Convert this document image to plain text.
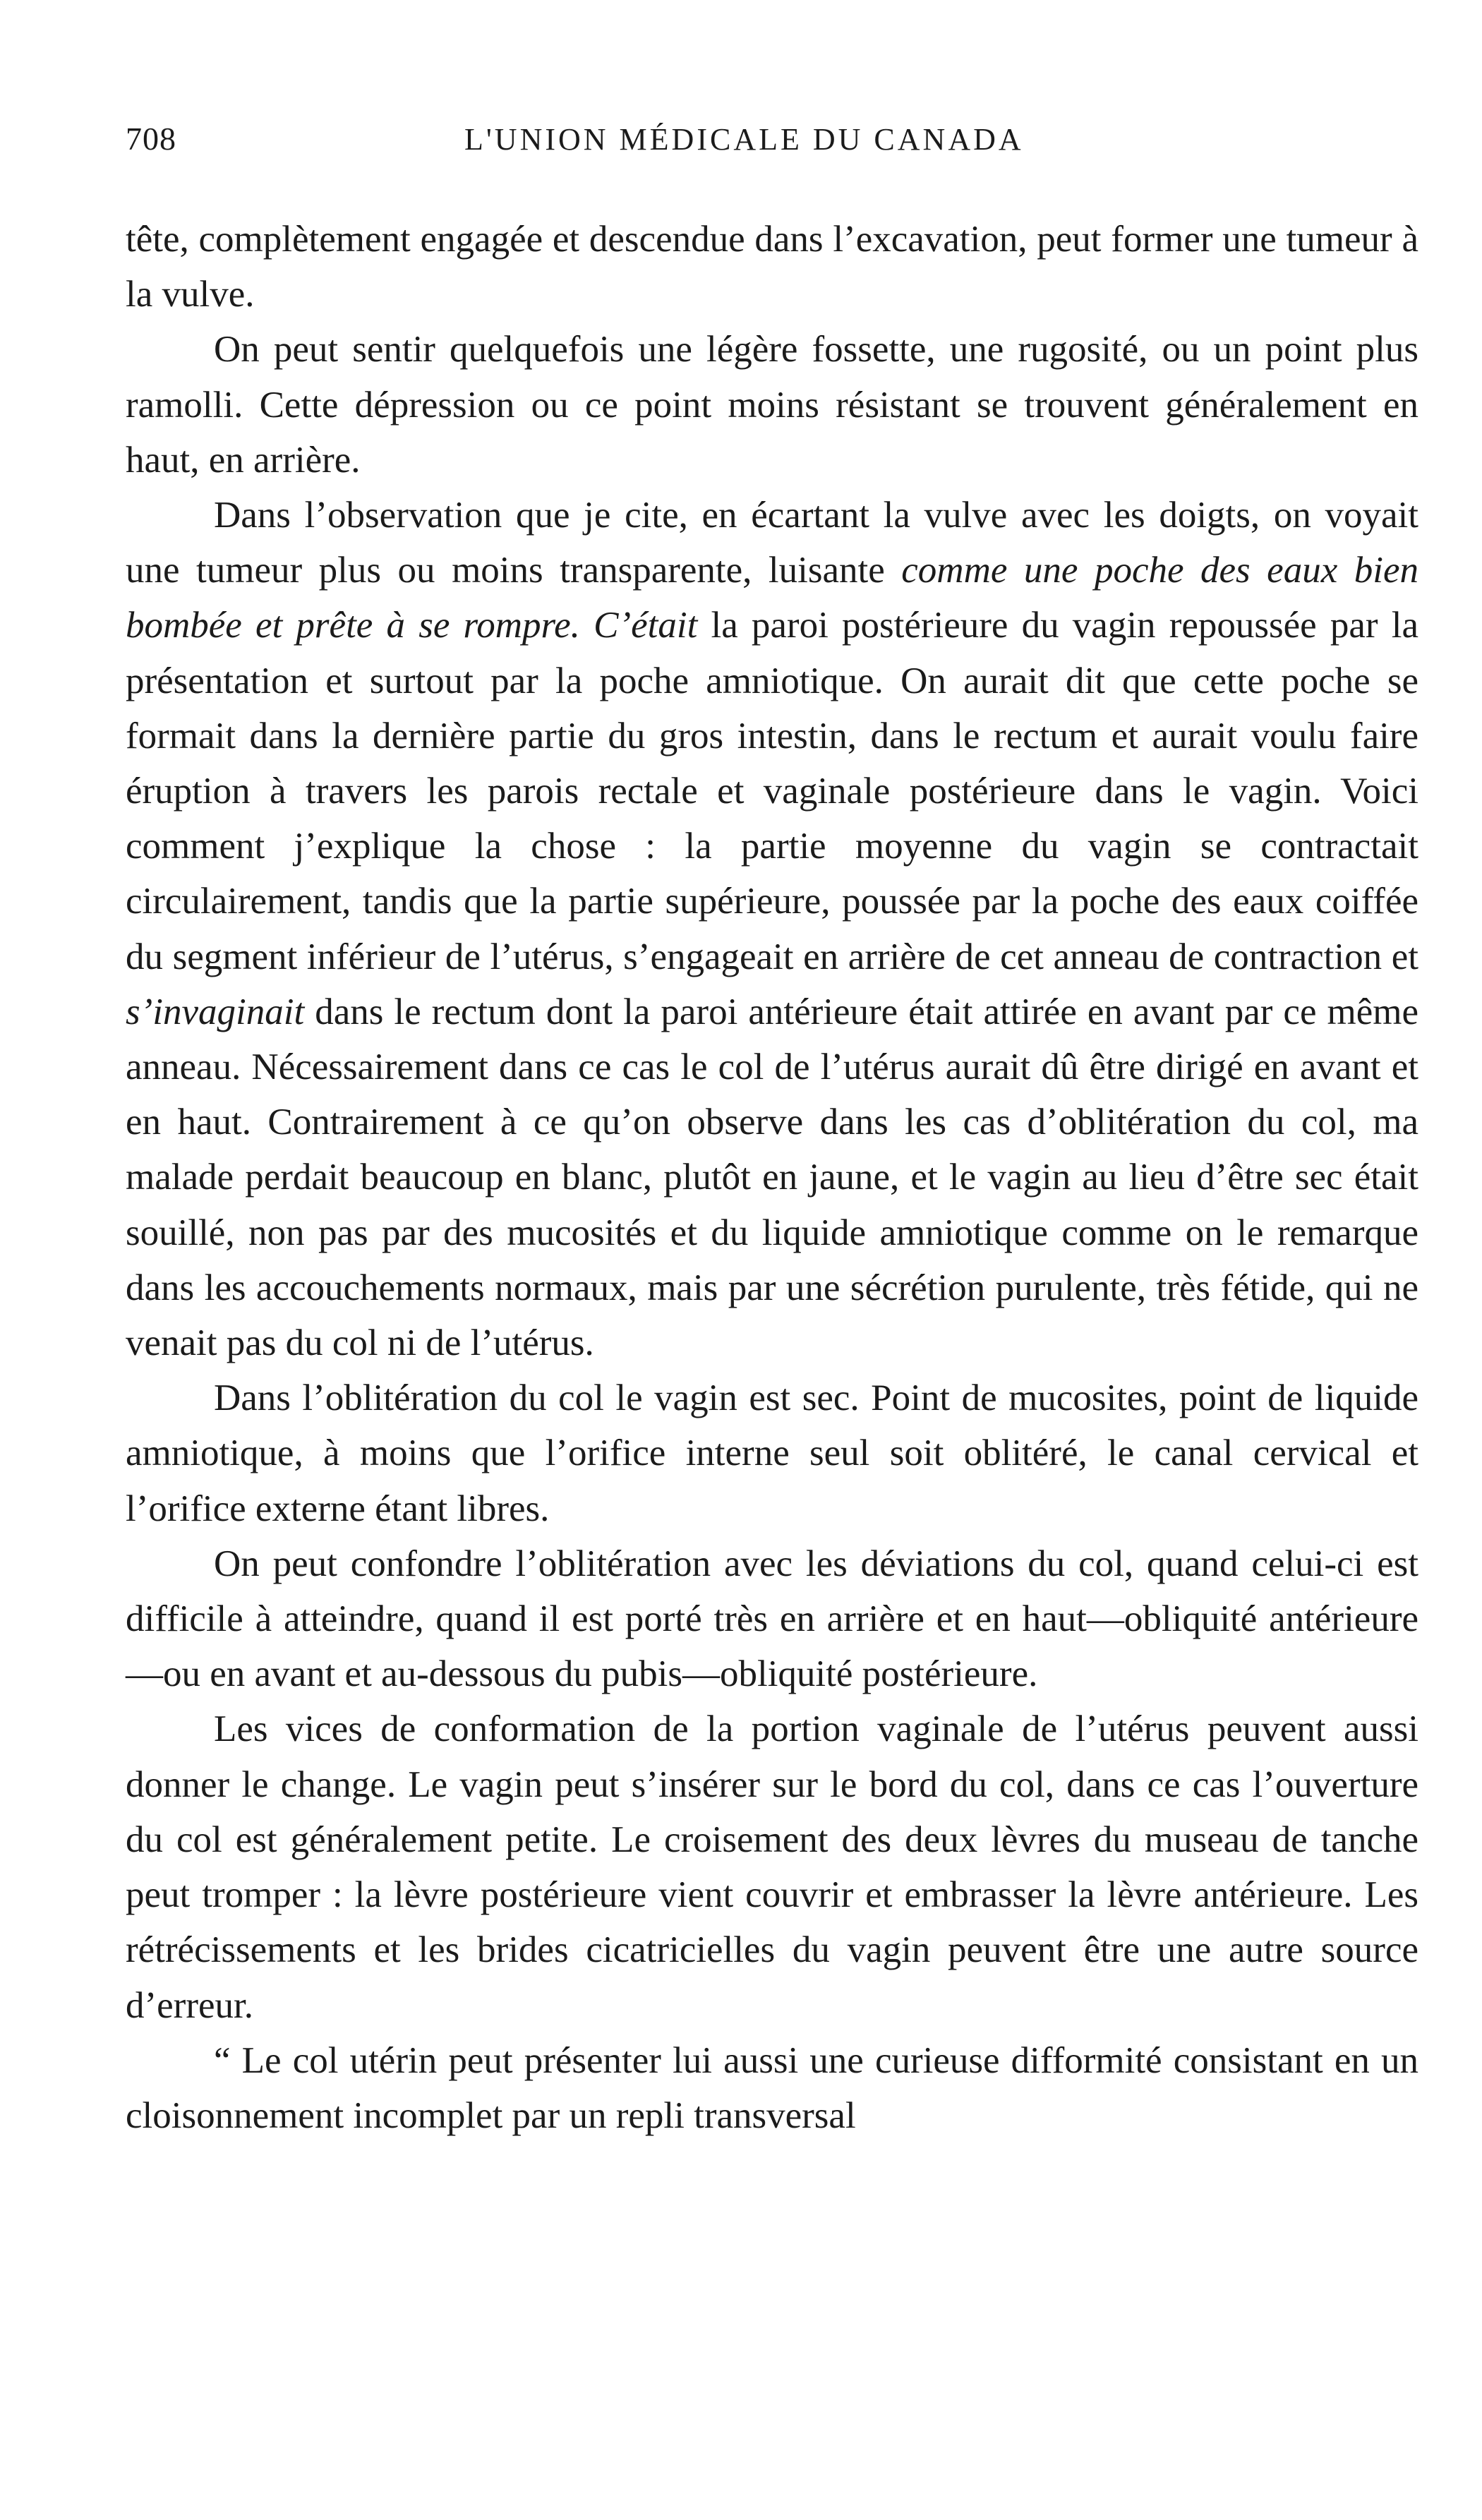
708	L'UNION MÉDICALE DU CANADA

tête, complètement engagée et descendue dans l’excavation, peut former une tumeur à la vulve.

On peut sentir quelquefois une légère fossette, une rugosité, ou un point plus ramolli. Cette dépression ou ce point moins résistant se trouvent généralement en haut, en arrière.

Dans l’observation que je cite, en écartant la vulve avec les doigts, on voyait une tumeur plus ou moins transparente, luisante comme une poche des eaux bien bombée et prête à se rompre. C’était la paroi postérieure du vagin repoussée par la présentation et surtout par la poche amniotique. On aurait dit que cette poche se formait dans la dernière partie du gros intestin, dans le rectum et aurait voulu faire éruption à travers les parois rectale et vaginale postérieure dans le vagin. Voici comment j’explique la chose : la partie moyenne du vagin se contractait circulairement, tandis que la partie supérieure, poussée par la poche des eaux coiffée du segment inférieur de l’utérus, s’engageait en arrière de cet anneau de contraction et s’invaginait dans le rectum dont la paroi antérieure était attirée en avant par ce même anneau. Nécessairement dans ce cas le col de l’utérus aurait dû être dirigé en avant et en haut. Contrairement à ce qu’on observe dans les cas d’oblitération du col, ma malade perdait beaucoup en blanc, plutôt en jaune, et le vagin au lieu d’être sec était souillé, non pas par des mucosités et du liquide amniotique comme on le remarque dans les accouchements normaux, mais par une sécrétion purulente, très fétide, qui ne venait pas du col ni de l’utérus.

Dans l’oblitération du col le vagin est sec. Point de mucosites, point de liquide amniotique, à moins que l’orifice interne seul soit oblitéré, le canal cervical et l’orifice externe étant libres.

On peut confondre l’oblitération avec les déviations du col, quand celui-ci est difficile à atteindre, quand il est porté très en arrière et en haut—obliquité antérieure—ou en avant et au-dessous du pubis—obliquité postérieure.

Les vices de conformation de la portion vaginale de l’utérus peuvent aussi donner le change. Le vagin peut s’insérer sur le bord du col, dans ce cas l’ouverture du col est généralement petite. Le croisement des deux lèvres du museau de tanche peut tromper : la lèvre postérieure vient couvrir et embrasser la lèvre antérieure. Les rétrécissements et les brides cicatricielles du vagin peuvent être une autre source d’erreur.

“ Le col utérin peut présenter lui aussi une curieuse difformité consistant en un cloisonnement incomplet par un repli transversal
